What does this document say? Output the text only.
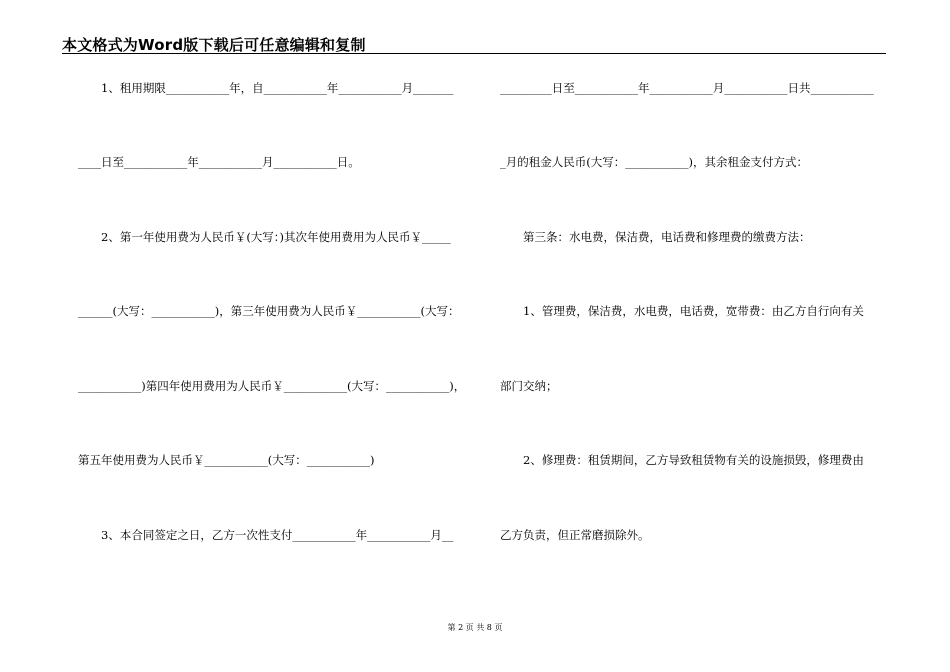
本文格式为Word版下载后可任意编辑和复制
　　1、租用期限___________年，自___________年___________月_______
____日至___________年___________月___________日。
　　2、第一年使用费为人民币￥(大写：)其次年使用费用为人民币￥_____
______(大写：___________)，第三年使用费为人民币￥___________(大写：
___________)第四年使用费用为人民币￥___________(大写：___________)，
第五年使用费为人民币￥___________(大写：___________)
　　3、本合同签定之日，乙方一次性支付___________年___________月__
_________日至___________年___________月___________日共___________
_月的租金人民币(大写：___________)，其余租金支付方式：
　　第三条：水电费，保洁费，电话费和修理费的缴费方法：
　　1、管理费，保洁费，水电费，电话费，宽带费：由乙方自行向有关
部门交纳；
　　2、修理费：租赁期间，乙方导致租赁物有关的设施损毁，修理费由
乙方负责，但正常磨损除外。
第 2 页 共 8 页
